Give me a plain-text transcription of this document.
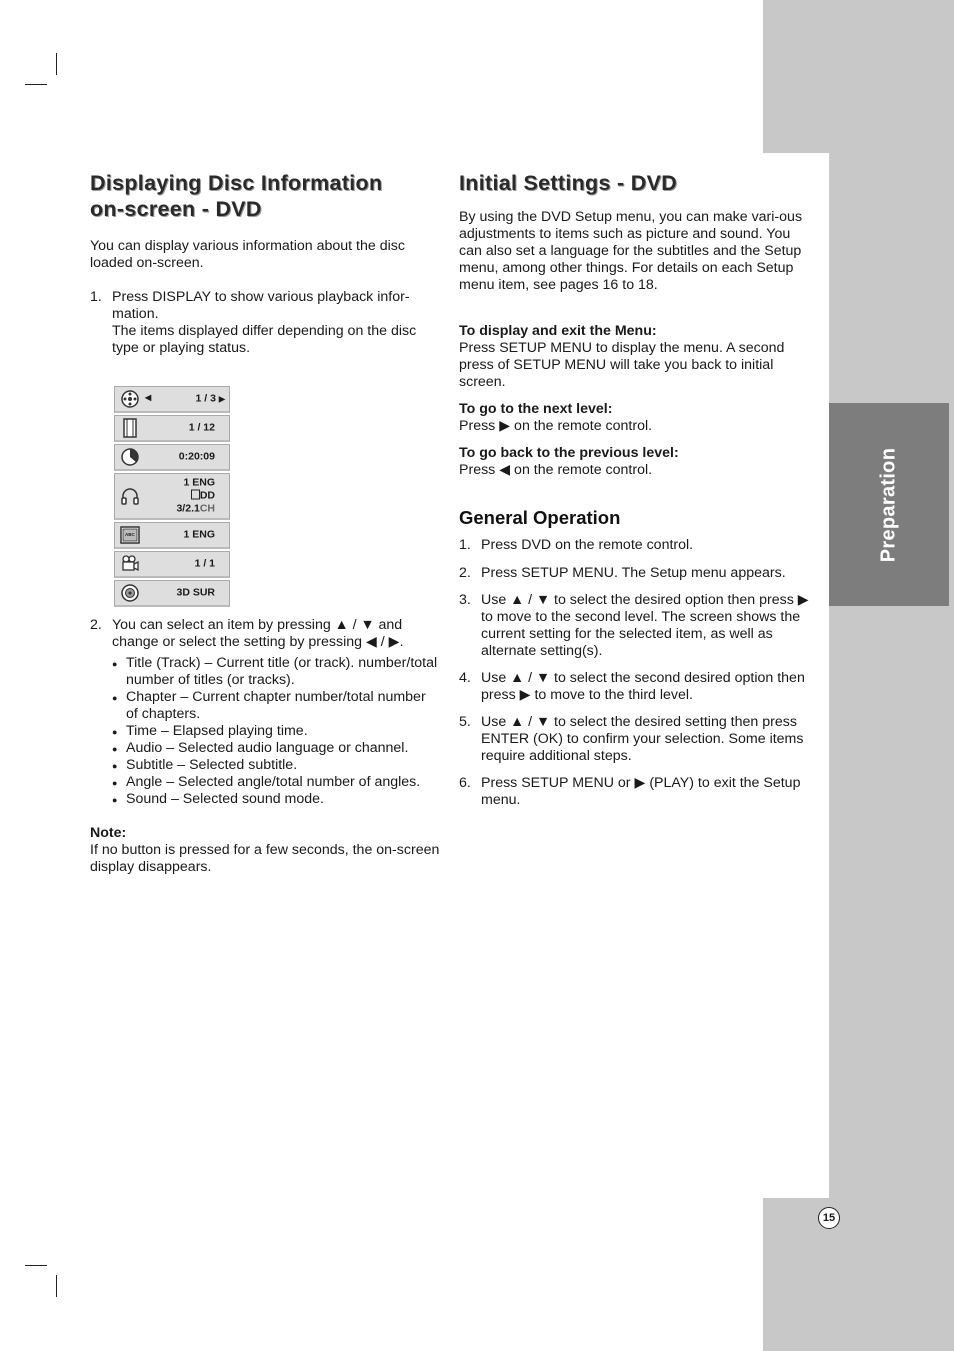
Preparation
15
Displaying Disc Information
on-screen - DVD

You can display various information about the disc loaded on-screen.

1. Press DISPLAY to show various playback infor-mation.

The items displayed differ depending on the disc type or playing status.

2. You can select an item by pressing ▲ / ▼ and change or select the setting by pressing ◀ / ▶.

● Title (Track) – Current title (or track). number/total number of titles (or tracks).
● Chapter – Current chapter number/total number of chapters.
● Time – Elapsed playing time.
● Audio – Selected audio language or channel.
● Subtitle – Selected subtitle.
● Angle – Selected angle/total number of angles.
● Sound – Selected sound mode.

Note:

If no button is pressed for a few seconds, the on-screen display disappears.

◀	1 / 3 ▶
1 / 12
0:20:09
1 ENG
DD
3/2.1CH
ABC	1 ENG
1 / 1
3D SUR
Initial Settings - DVD

By using the DVD Setup menu, you can make vari-ous adjustments to items such as picture and sound. You can also set a language for the subtitles and the Setup menu, among other things. For details on each Setup menu item, see pages 16 to 18.

To display and exit the Menu:

Press SETUP MENU to display the menu. A second press of SETUP MENU will take you back to initial screen.

To go to the next level:

Press ▶ on the remote control.

To go back to the previous level:

Press ◀ on the remote control.

General Operation
1. Press DVD on the remote control.

2. Press SETUP MENU. The Setup menu appears.

3. Use ▲ / ▼ to select the desired option then press ▶ to move to the second level. The screen shows the current setting for the selected item, as well as alternate setting(s).

4. Use ▲ / ▼ to select the second desired option then press ▶ to move to the third level.

5. Use ▲ / ▼ to select the desired setting then press ENTER (OK) to confirm your selection. Some items require additional steps.

6. Press SETUP MENU or ▶ (PLAY) to exit the Setup menu.
